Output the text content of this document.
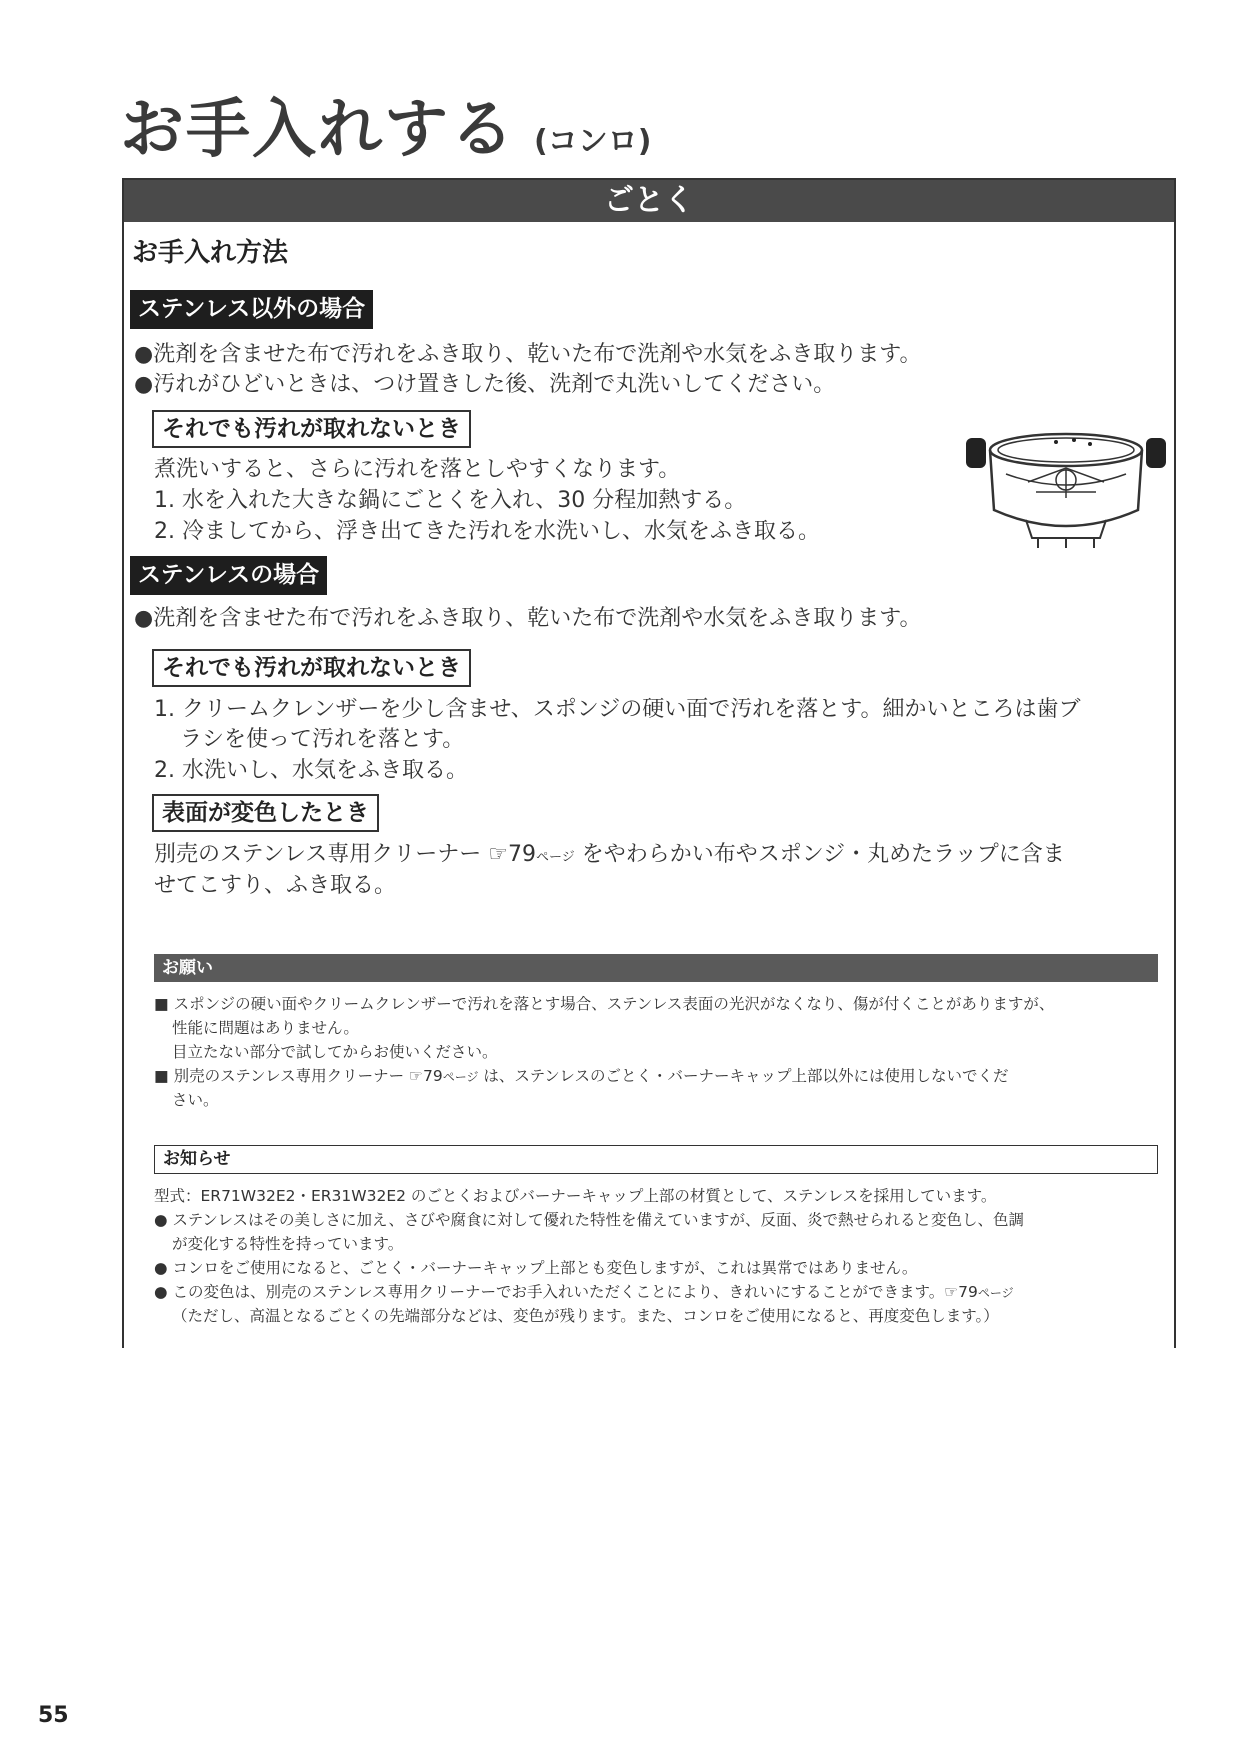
お手入れする (コンロ)
ごとく
お手入れ方法
ステンレス以外の場合
●洗剤を含ませた布で汚れをふき取り、乾いた布で洗剤や水気をふき取ります。
●汚れがひどいときは、つけ置きした後、洗剤で丸洗いしてください。
それでも汚れが取れないとき
煮洗いすると、さらに汚れを落としやすくなります。
1. 水を入れた大きな鍋にごとくを入れ、30 分程加熱する。
2. 冷ましてから、浮き出てきた汚れを水洗いし、水気をふき取る。
ステンレスの場合
●洗剤を含ませた布で汚れをふき取り、乾いた布で洗剤や水気をふき取ります。
それでも汚れが取れないとき
1. クリームクレンザーを少し含ませ、スポンジの硬い面で汚れを落とす。細かいところは歯ブ
ラシを使って汚れを落とす。
2. 水洗いし、水気をふき取る。
表面が変色したとき
別売のステンレス専用クリーナー ☞79ページ をやわらかい布やスポンジ・丸めたラップに含ま
せてこすり、ふき取る。
お願い
■ スポンジの硬い面やクリームクレンザーで汚れを落とす場合、ステンレス表面の光沢がなくなり、傷が付くことがありますが、
性能に問題はありません。
目立たない部分で試してからお使いください。
■ 別売のステンレス専用クリーナー ☞79ページ は、ステンレスのごとく・バーナーキャップ上部以外には使用しないでくだ
さい。
お知らせ
型式：ER71W32E2・ER31W32E2 のごとくおよびバーナーキャップ上部の材質として、ステンレスを採用しています。
● ステンレスはその美しさに加え、さびや腐食に対して優れた特性を備えていますが、反面、炎で熱せられると変色し、色調
が変化する特性を持っています。
● コンロをご使用になると、ごとく・バーナーキャップ上部とも変色しますが、これは異常ではありません。
● この変色は、別売のステンレス専用クリーナーでお手入れいただくことにより、きれいにすることができます。☞79ページ
（ただし、高温となるごとくの先端部分などは、変色が残ります。また、コンロをご使用になると、再度変色します。）
55
